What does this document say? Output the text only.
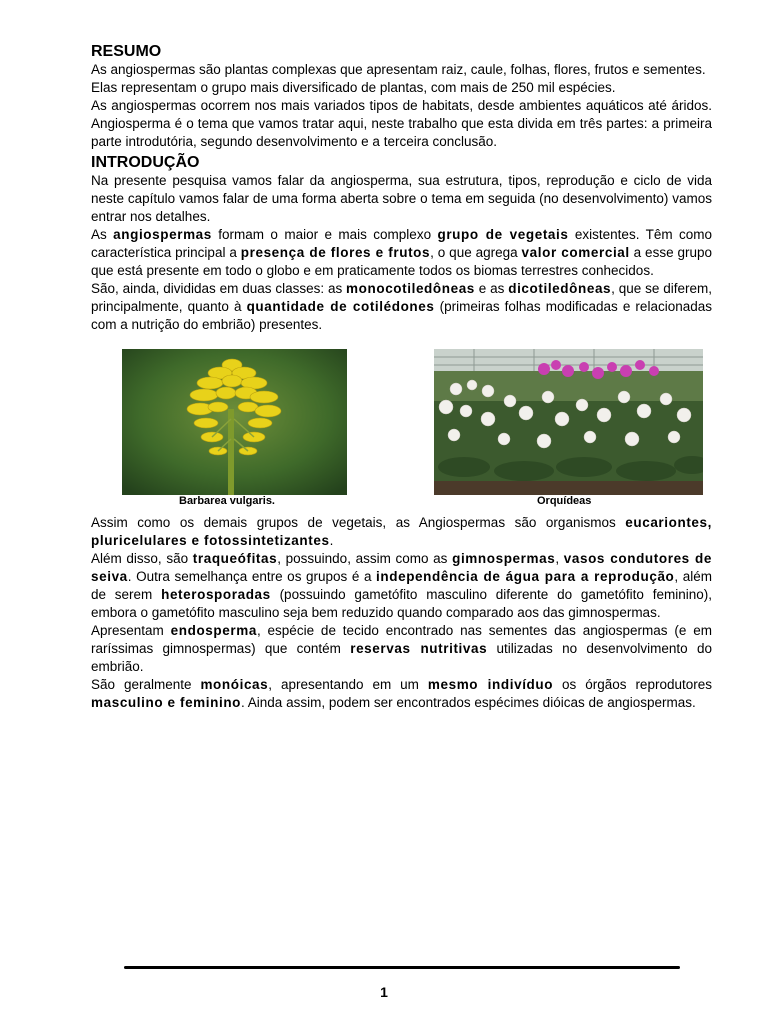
RESUMO

As angiospermas são plantas complexas que apresentam raiz, caule, folhas, flores, frutos e sementes.

Elas representam o grupo mais diversificado de plantas, com mais de 250 mil espécies.

As angiospermas ocorrem nos mais variados tipos de habitats, desde ambientes aquáticos até áridos. Angiosperma é o tema que vamos tratar aqui, neste trabalho que esta divida em três partes: a primeira parte introdutória, segundo desenvolvimento e a terceira conclusão.

INTRODUÇÃO

Na presente pesquisa vamos falar da angiosperma, sua estrutura, tipos, reprodução e ciclo de vida neste capítulo vamos falar de uma forma aberta sobre o tema em seguida (no desenvolvimento) vamos entrar nos detalhes.

As angiospermas formam o maior e mais complexo grupo de vegetais existentes. Têm como característica principal a presença de flores e frutos, o que agrega valor comercial a esse grupo que está presente em todo o globo e em praticamente todos os biomas terrestres conhecidos.

São, ainda, divididas em duas classes: as monocotiledôneas e as dicotiledôneas, que se diferem, principalmente, quanto à quantidade de cotilédones (primeiras folhas modificadas e relacionadas com a nutrição do embrião) presentes.

Barbarea vulgaris.	Orquídeas

Assim como os demais grupos de vegetais, as Angiospermas são organismos eucariontes, pluricelulares e fotossintetizantes.

Além disso, são traqueófitas, possuindo, assim como as gimnospermas, vasos condutores de seiva. Outra semelhança entre os grupos é a independência de água para a reprodução, além de serem heterosporadas (possuindo gametófito masculino diferente do gametófito feminino), embora o gametófito masculino seja bem reduzido quando comparado aos das gimnospermas.

Apresentam endosperma, espécie de tecido encontrado nas sementes das angiospermas (e em raríssimas gimnospermas) que contém reservas nutritivas utilizadas no desenvolvimento do embrião.

São geralmente monóicas, apresentando em um mesmo indivíduo os órgãos reprodutores masculino e feminino. Ainda assim, podem ser encontrados espécimes dióicas de angiospermas.

1
